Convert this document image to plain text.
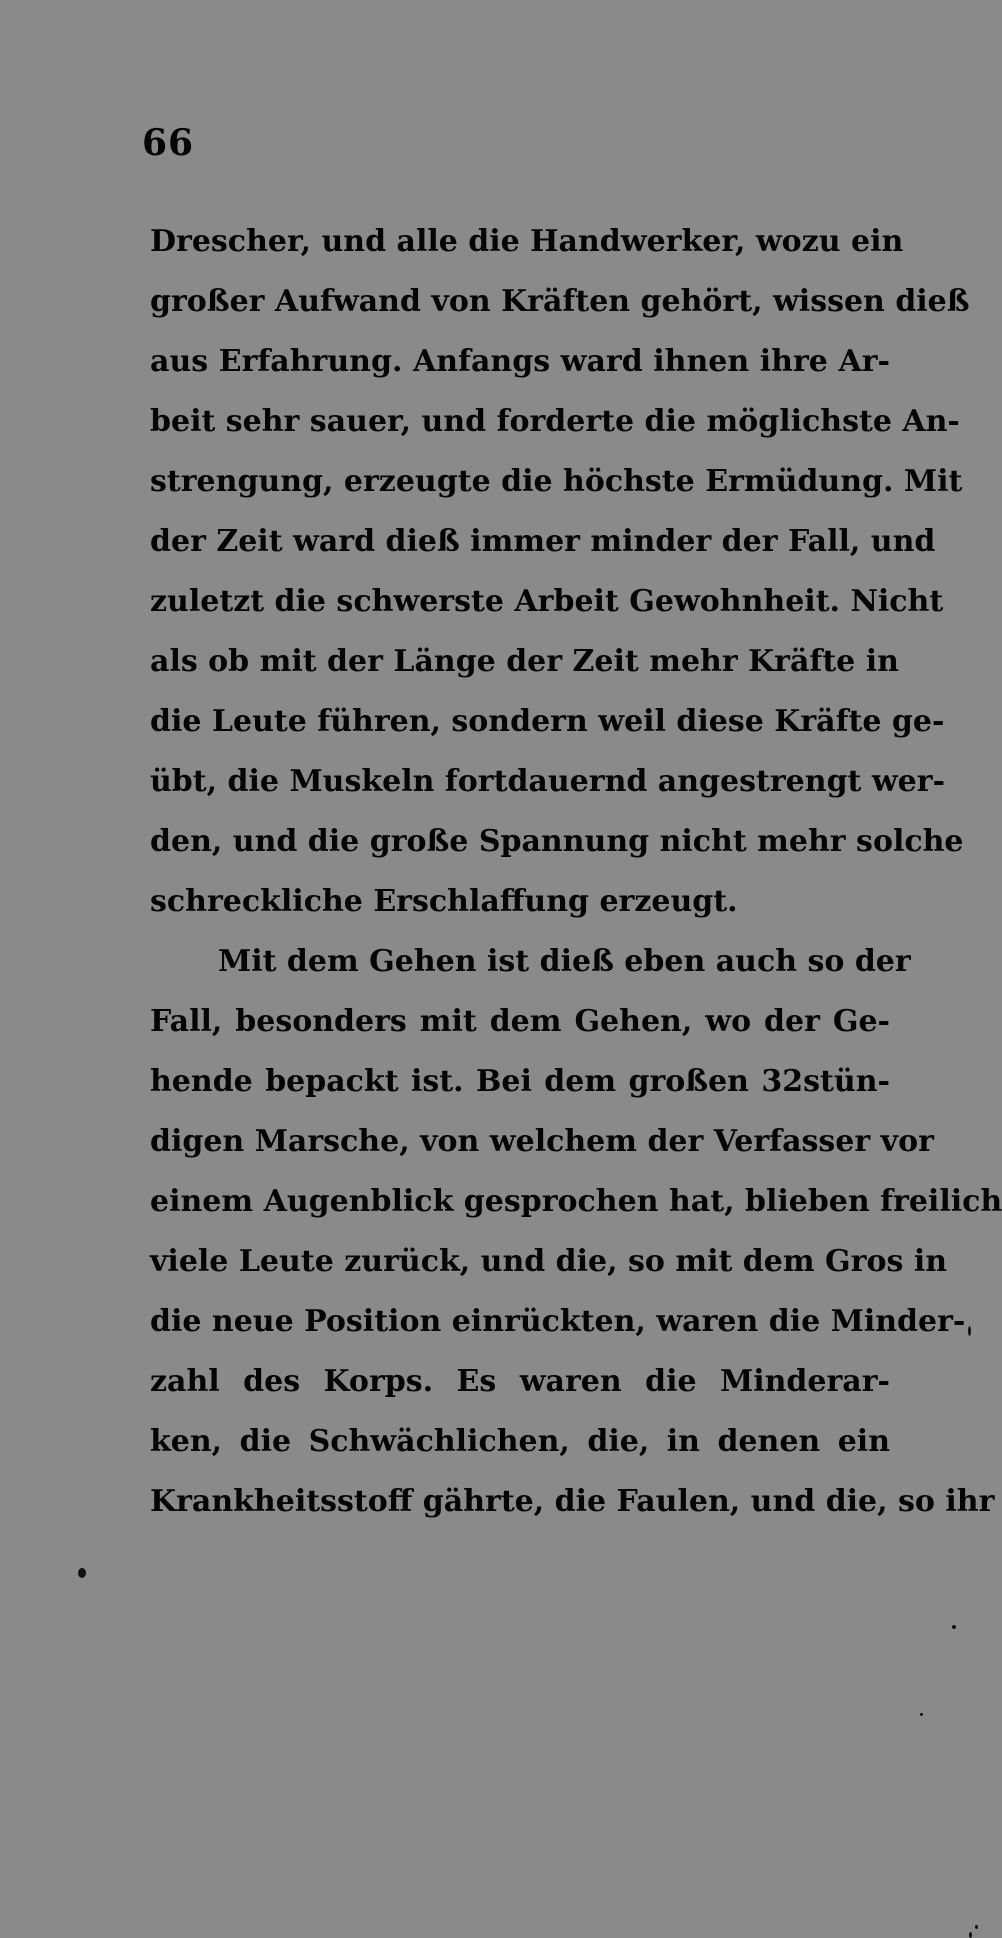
66
Drescher, und alle die Handwerker, wozu ein
großer Aufwand von Kräften gehört, wissen dieß
aus Erfahrung. Anfangs ward ihnen ihre Ar-
beit sehr sauer, und forderte die möglichste An-
strengung, erzeugte die höchste Ermüdung. Mit
der Zeit ward dieß immer minder der Fall, und
zuletzt die schwerste Arbeit Gewohnheit. Nicht
als ob mit der Länge der Zeit mehr Kräfte in
die Leute führen, sondern weil diese Kräfte ge-
übt, die Muskeln fortdauernd angestrengt wer-
den, und die große Spannung nicht mehr solche
schreckliche Erschlaffung erzeugt.
Mit dem Gehen ist dieß eben auch so der
Fall, besonders mit dem Gehen, wo der Ge-
hende bepackt ist. Bei dem großen 32stün-
digen Marsche, von welchem der Verfasser vor
einem Augenblick gesprochen hat, blieben freilich
viele Leute zurück, und die, so mit dem Gros in
die neue Position einrückten, waren die Minder-
zahl des Korps. Es waren die Minderar-
ken, die Schwächlichen, die, in denen ein
Krankheitsstoff gährte, die Faulen, und die, so ihr
